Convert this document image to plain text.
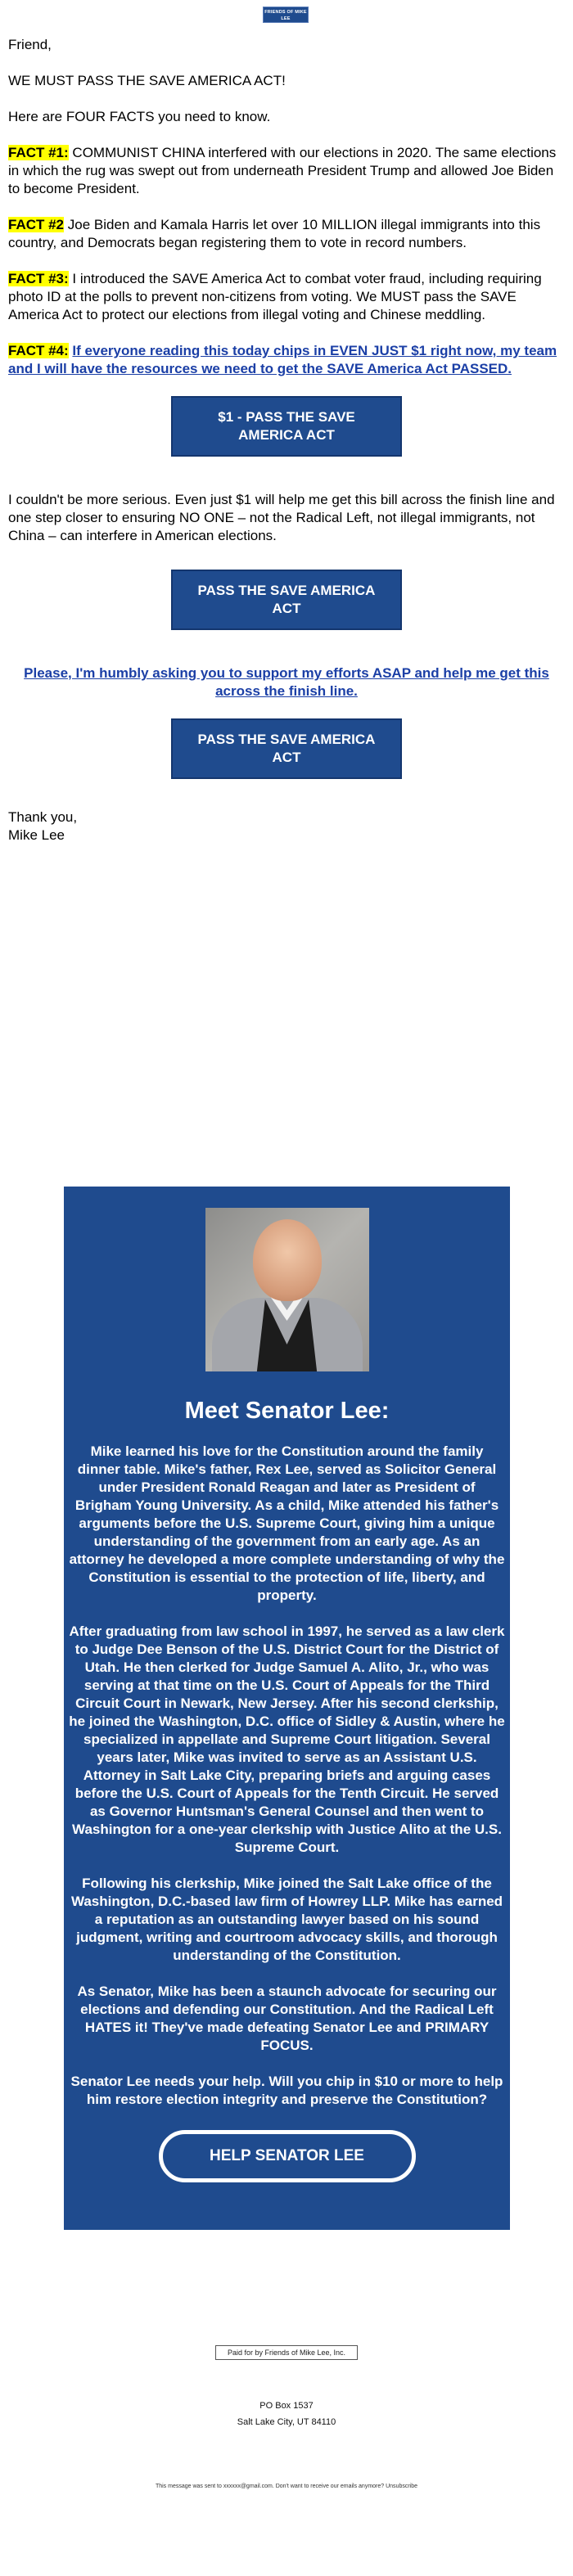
FRIENDS OF MIKE LEE

Friend,

WE MUST PASS THE SAVE AMERICA ACT!

Here are FOUR FACTS you need to know.

FACT #1: COMMUNIST CHINA interfered with our elections in 2020. The same elections in which the rug was swept out from underneath President Trump and allowed Joe Biden to become President.

FACT #2 Joe Biden and Kamala Harris let over 10 MILLION illegal immigrants into this country, and Democrats began registering them to vote in record numbers.

FACT #3: I introduced the SAVE America Act to combat voter fraud, including requiring photo ID at the polls to prevent non-citizens from voting. We MUST pass the SAVE America Act to protect our elections from illegal voting and Chinese meddling.

FACT #4: If everyone reading this today chips in EVEN JUST $1 right now, my team and I will have the resources we need to get the SAVE America Act PASSED.

$1 - PASS THE SAVE AMERICA ACT

I couldn't be more serious. Even just $1 will help me get this bill across the finish line and one step closer to ensuring NO ONE – not the Radical Left, not illegal immigrants, not China – can interfere in American elections.

PASS THE SAVE AMERICA ACT

Please, I'm humbly asking you to support my efforts ASAP and help me get this across the finish line.

PASS THE SAVE AMERICA ACT

Thank you,

Mike Lee

Meet Senator Lee:

Mike learned his love for the Constitution around the family dinner table. Mike's father, Rex Lee, served as Solicitor General under President Ronald Reagan and later as President of Brigham Young University. As a child, Mike attended his father's arguments before the U.S. Supreme Court, giving him a unique understanding of the government from an early age. As an attorney he developed a more complete understanding of why the Constitution is essential to the protection of life, liberty, and property.

After graduating from law school in 1997, he served as a law clerk to Judge Dee Benson of the U.S. District Court for the District of Utah. He then clerked for Judge Samuel A. Alito, Jr., who was serving at that time on the U.S. Court of Appeals for the Third Circuit Court in Newark, New Jersey. After his second clerkship, he joined the Washington, D.C. office of Sidley & Austin, where he specialized in appellate and Supreme Court litigation. Several years later, Mike was invited to serve as an Assistant U.S. Attorney in Salt Lake City, preparing briefs and arguing cases before the U.S. Court of Appeals for the Tenth Circuit. He served as Governor Huntsman's General Counsel and then went to Washington for a one-year clerkship with Justice Alito at the U.S. Supreme Court.

Following his clerkship, Mike joined the Salt Lake office of the Washington, D.C.-based law firm of Howrey LLP. Mike has earned a reputation as an outstanding lawyer based on his sound judgment, writing and courtroom advocacy skills, and thorough understanding of the Constitution.

As Senator, Mike has been a staunch advocate for securing our elections and defending our Constitution. And the Radical Left HATES it! They've made defeating Senator Lee and PRIMARY FOCUS.

Senator Lee needs your help. Will you chip in $10 or more to help him restore election integrity and preserve the Constitution?

HELP SENATOR LEE
Paid for by Friends of Mike Lee, Inc.
PO Box 1537
Salt Lake City, UT 84110
This message was sent to xxxxxx@gmail.com. Don't want to receive our emails anymore? Unsubscribe
